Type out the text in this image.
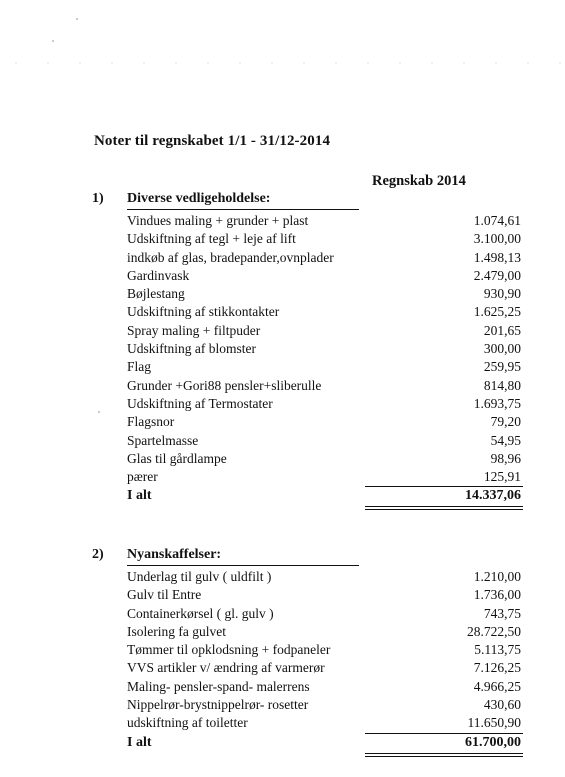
Noter til regnskabet 1/1 - 31/12-2014
Regnskab 2014
1) Diverse vedligeholdelse:
Vindues maling + grunder + plast	1.074,61
Udskiftning af tegl + leje af lift	3.100,00
indkøb af glas, bradepander,ovnplader	1.498,13
Gardinvask	2.479,00
Bøjlestang	930,90
Udskiftning af stikkontakter	1.625,25
Spray maling + filtpuder	201,65
Udskiftning af blomster	300,00
Flag	259,95
Grunder +Gori88 pensler+sliberulle	814,80
Udskiftning af Termostater	1.693,75
Flagsnor	79,20
Spartelmasse	54,95
Glas til gårdlampe	98,96
pærer	125,91
I alt	14.337,06
2) Nyanskaffelser:
Underlag til gulv ( uldfilt )	1.210,00
Gulv til Entre	1.736,00
Containerkørsel ( gl. gulv )	743,75
Isolering fa gulvet	28.722,50
Tømmer til opklodsning + fodpaneler	5.113,75
VVS artikler v/ ændring af varmerør	7.126,25
Maling- pensler-spand- malerrens	4.966,25
Nippelrør-brystnippelrør- rosetter	430,60
udskiftning af toiletter	11.650,90
I alt	61.700,00
